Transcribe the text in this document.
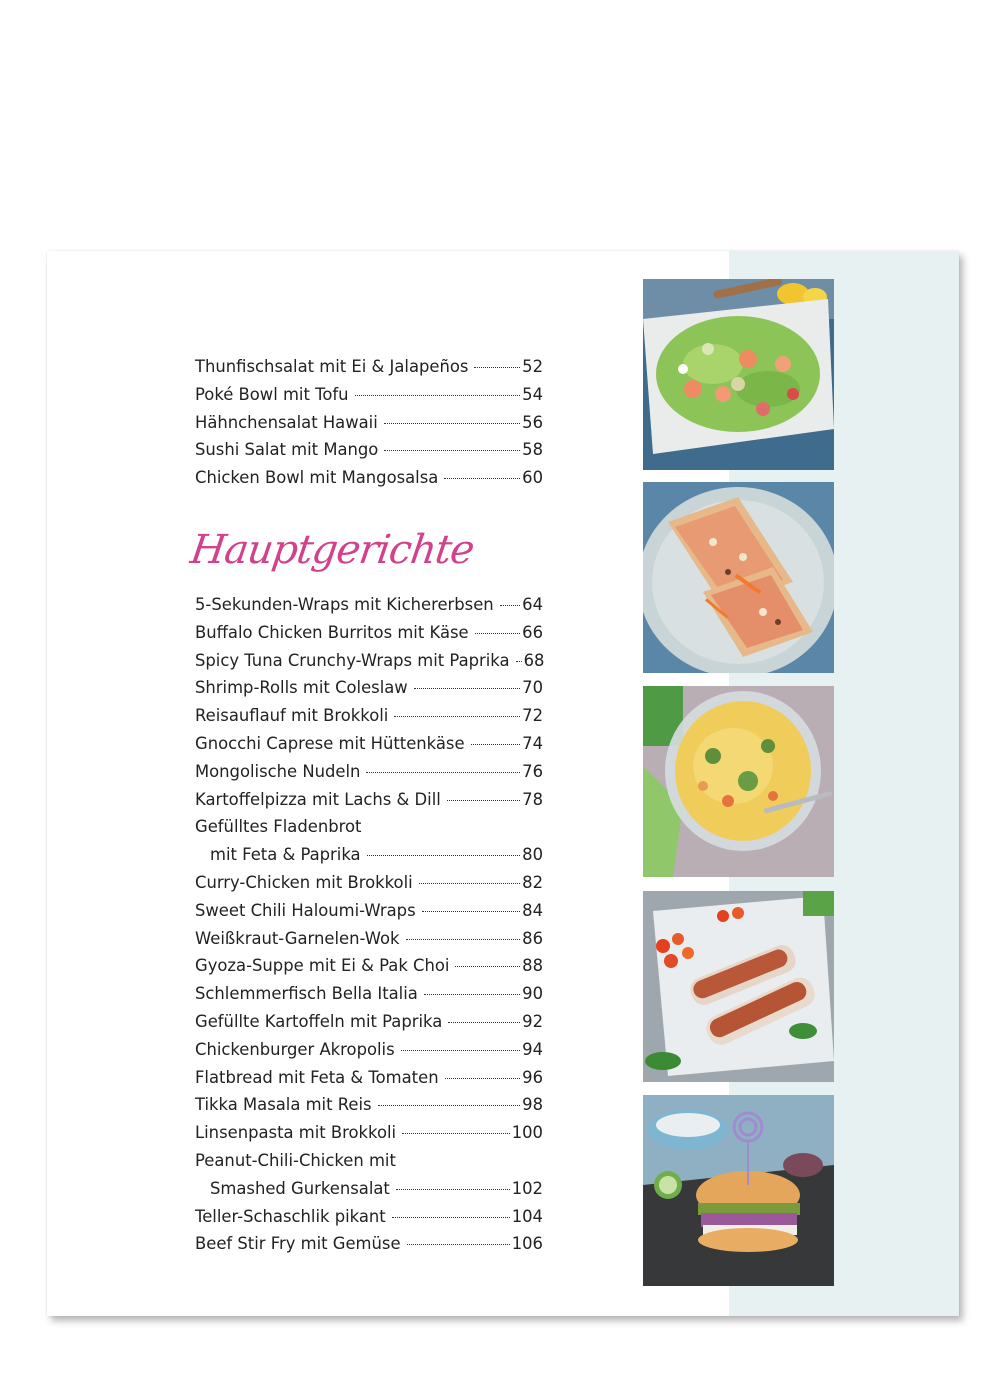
Thunfischsalat mit Ei & Jalapeños	52
Poké Bowl mit Tofu	54
Hähnchensalat Hawaii	56
Sushi Salat mit Mango	58
Chicken Bowl mit Mangosalsa	60
Hauptgerichte
5-Sekunden-Wraps mit Kichererbsen 64
Buffalo Chicken Burritos mit Käse	66
Spicy Tuna Crunchy-Wraps mit Paprika 68
Shrimp-Rolls mit Coleslaw	70
Reisauflauf mit Brokkoli	72
Gnocchi Caprese mit Hüttenkäse	74
Mongolische Nudeln	76
Kartoffelpizza mit Lachs & Dill	78
Gefülltes Fladenbrot
mit Feta & Paprika	80
Curry-Chicken mit Brokkoli	82
Sweet Chili Haloumi-Wraps	84
Weißkraut-Garnelen-Wok	86
Gyoza-Suppe mit Ei & Pak Choi	88
Schlemmerfisch Bella Italia	90
Gefüllte Kartoffeln mit Paprika	92
Chickenburger Akropolis	94
Flatbread mit Feta & Tomaten	96
Tikka Masala mit Reis	98
Linsenpasta mit Brokkoli	100
Peanut-Chili-Chicken mit
Smashed Gurkensalat	102
Teller-Schaschlik pikant	104
Beef Stir Fry mit Gemüse	106
